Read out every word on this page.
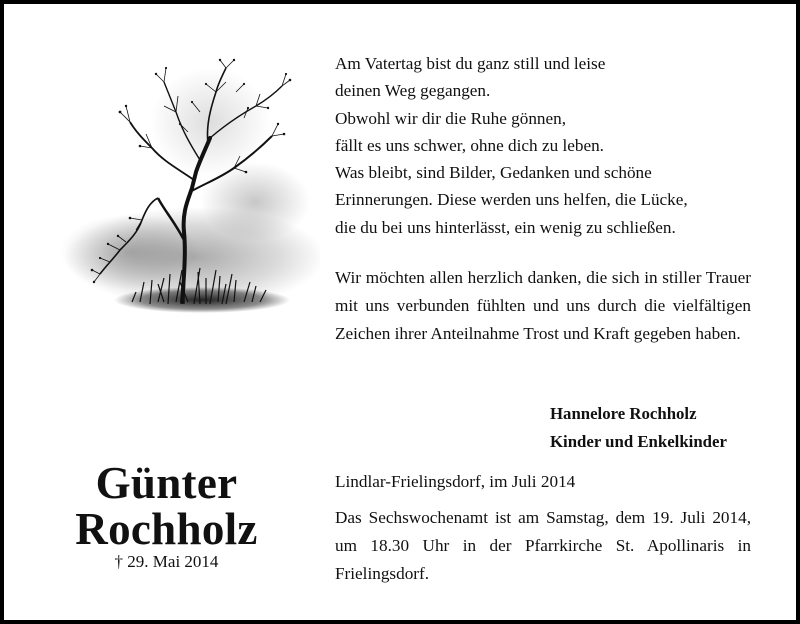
Am Vatertag bist du ganz still und leise
deinen Weg gegangen.
Obwohl wir dir die Ruhe gönnen,
fällt es uns schwer, ohne dich zu leben.
Was bleibt, sind Bilder, Gedanken und schöne
Erinnerungen. Diese werden uns helfen, die Lücke,
die du bei uns hinterlässt, ein wenig zu schließen.
Wir möchten allen herzlich danken, die sich in stiller Trauer mit uns verbunden fühlten und uns durch die vielfältigen Zeichen ihrer Anteilnahme Trost und Kraft gegeben haben.
Hannelore Rochholz
Kinder und Enkelkinder
Günter
Rochholz
† 29. Mai 2014
Lindlar-Frielingsdorf, im Juli 2014
Das Sechswochenamt ist am Samstag, dem 19. Juli 2014, um 18.30 Uhr in der Pfarrkirche St. Apollinaris in Frielingsdorf.
